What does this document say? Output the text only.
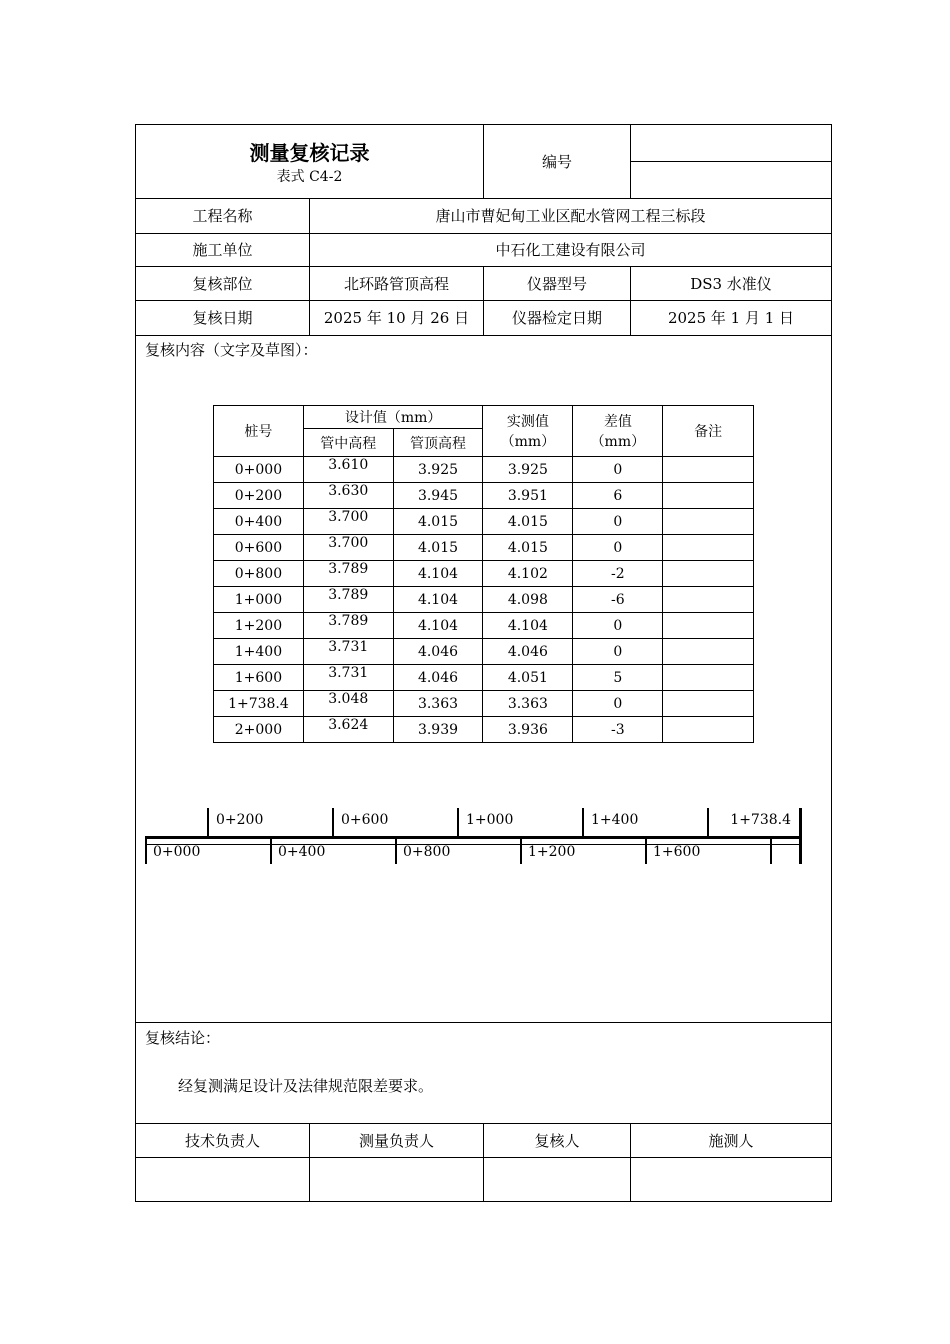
测量复核记录
表式 C4-2
编号
工程名称	唐山市曹妃甸工业区配水管网工程三标段
施工单位	中石化工建设有限公司
复核部位	北环路管顶高程	仪器型号	DS3 水准仪
复核日期	2025 年 10 月 26 日	仪器检定日期	2025 年 1 月 1 日
复核内容（文字及草图）：
桩号	设计值（mm）		实测值（mm）	差值（mm）	备注
	管中高程	管顶高程			
0+000	3.610	3.925	3.925	0	
0+200	3.630	3.945	3.951	6	
0+400	3.700	4.015	4.015	0	
0+600	3.700	4.015	4.015	0	
0+800	3.789	4.104	4.102	-2	
1+000	3.789	4.104	4.098	-6	
1+200	3.789	4.104	4.104	0	
1+400	3.731	4.046	4.046	0	
1+600	3.731	4.046	4.051	5	
1+738.4	3.048	3.363	3.363	0	
2+000	3.624	3.939	3.936	-3	
0+000	0+400	0+800	1+200	1+600
0+200	0+600	1+000	1+400	1+738.4
复核结论：
经复测满足设计及法律规范限差要求。
技术负责人	测量负责人	复核人	施测人
